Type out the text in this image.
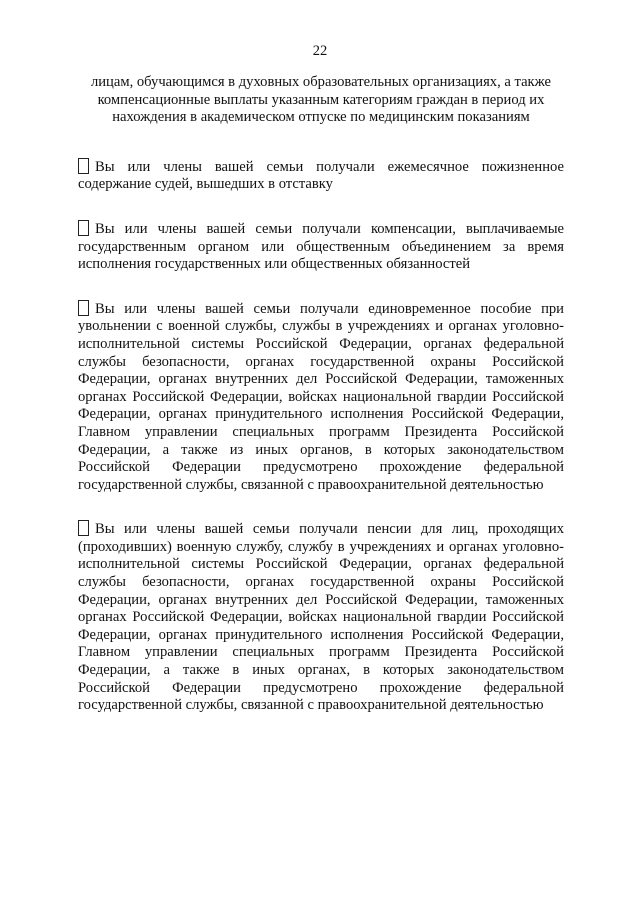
22

лицам, обучающимся в духовных образовательных организациях, а также компенсационные выплаты указанным категориям граждан в период их нахождения в академическом отпуске по медицинским показаниям

Вы или члены вашей семьи получали ежемесячное пожизненное содержание судей, вышедших в отставку

Вы или члены вашей семьи получали компенсации, выплачиваемые государственным органом или общественным объединением за время исполнения государственных или общественных обязанностей

Вы или члены вашей семьи получали единовременное пособие при увольнении с военной службы, службы в учреждениях и органах уголовно-исполнительной системы Российской Федерации, органах федеральной службы безопасности, органах государственной охраны Российской Федерации, органах внутренних дел Российской Федерации, таможенных органах Российской Федерации, войсках национальной гвардии Российской Федерации, органах принудительного исполнения Российской Федерации, Главном управлении специальных программ Президента Российской Федерации, а также из иных органов, в которых законодательством Российской Федерации предусмотрено прохождение федеральной государственной службы, связанной с правоохранительной деятельностью

Вы или члены вашей семьи получали пенсии для лиц, проходящих (проходивших) военную службу, службу в учреждениях и органах уголовно-исполнительной системы Российской Федерации, органах федеральной службы безопасности, органах государственной охраны Российской Федерации, органах внутренних дел Российской Федерации, таможенных органах Российской Федерации, войсках национальной гвардии Российской Федерации, органах принудительного исполнения Российской Федерации, Главном управлении специальных программ Президента Российской Федерации, а также в иных органах, в которых законодательством Российской Федерации предусмотрено прохождение федеральной государственной службы, связанной с правоохранительной деятельностью
